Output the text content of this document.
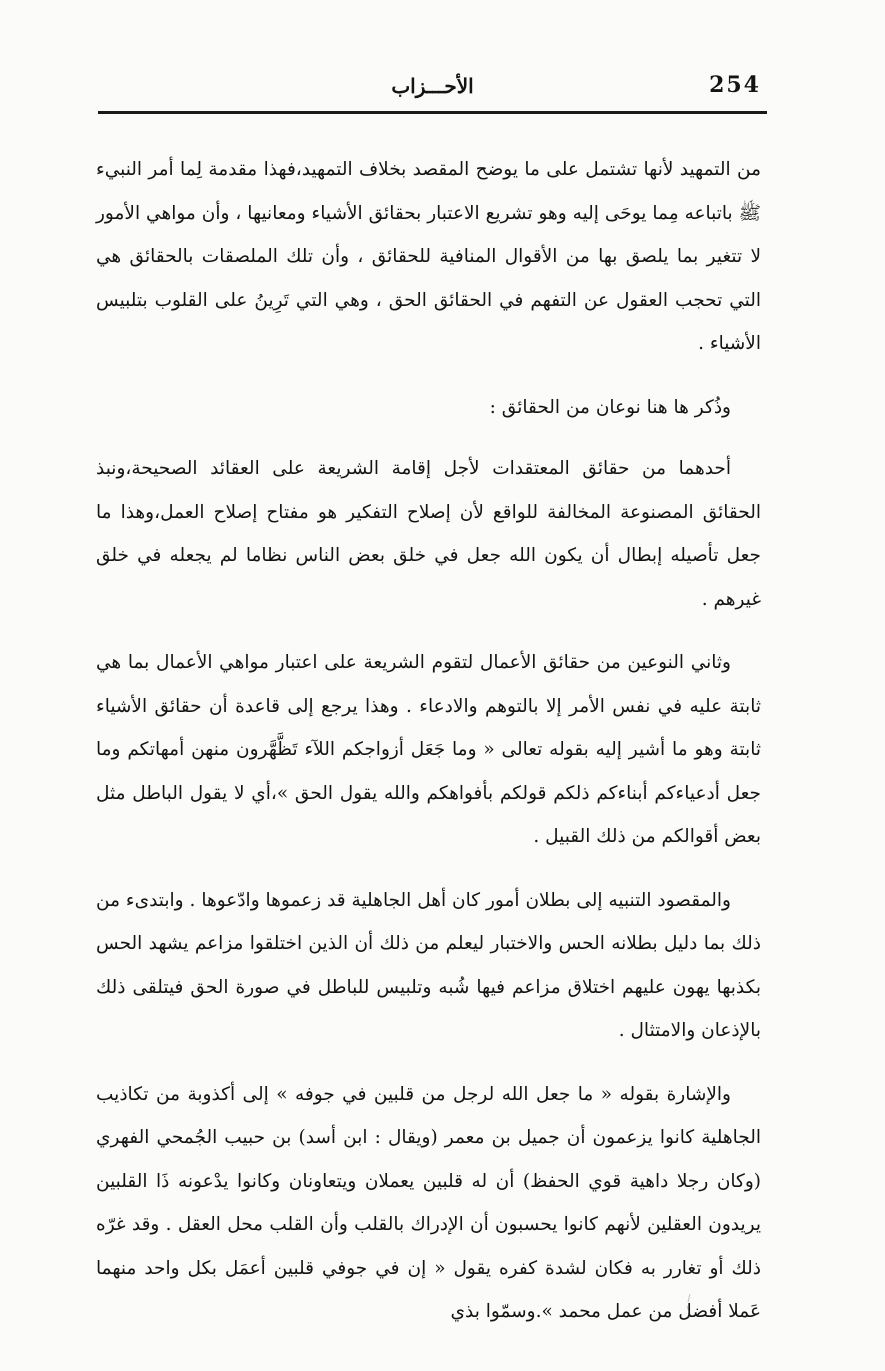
254
الأحـــزاب

من التمهيد لأنها تشتمل على ما يوضح المقصد بخلاف التمهيد،فهذا مقدمة لِما أمر النبيء ﷺ باتباعه مِما يوحَى إليه وهو تشريع الاعتبار بحقائق الأشياء ومعانيها ، وأن مواهي الأمور لا تتغير بما يلصق بها من الأقوال المنافية للحقائق ، وأن تلك الملصقات بالحقائق هي التي تحجب العقول عن التفهم في الحقائق الحق ، وهي التي تَرِينُ على القلوب بتلبيس الأشياء .

وذُكر ها هنا نوعان من الحقائق :

أحدهما من حقائق المعتقدات لأجل إقامة الشريعة على العقائد الصحيحة،ونبذ الحقائق المصنوعة المخالفة للواقع لأن إصلاح التفكير هو مفتاح إصلاح العمل،وهذا ما جعل تأصيله إبطال أن يكون الله جعل في خلق بعض الناس نظاما لم يجعله في خلق غيرهم .

وثاني النوعين من حقائق الأعمال لتقوم الشريعة على اعتبار مواهي الأعمال بما هي ثابتة عليه في نفس الأمر إلا بالتوهم والادعاء . وهذا يرجع إلى قاعدة أن حقائق الأشياء ثابتة وهو ما أشير إليه بقوله تعالى « وما جَعَل أزواجكم اللآء تَظَّهَّرون منهن أمهاتكم وما جعل أدعياءكم أبناءكم ذلكم قولكم بأفواهكم والله يقول الحق »،أي لا يقول الباطل مثل بعض أقوالكم من ذلك القبيل .

والمقصود التنبيه إلى بطلان أمور كان أهل الجاهلية قد زعموها وادّعوها . وابتدىء من ذلك بما دليل بطلانه الحس والاختبار ليعلم من ذلك أن الذين اختلقوا مزاعم يشهد الحس بكذبها يهون عليهم اختلاق مزاعم فيها شُبه وتلبيس للباطل في صورة الحق فيتلقى ذلك بالإذعان والامتثال .

والإشارة بقوله « ما جعل الله لرجل من قلبين في جوفه » إلى أكذوبة من تكاذيب الجاهلية كانوا يزعمون أن جميل بن معمر (ويقال : ابن أسد) بن حبيب الجُمحي الفهري (وكان رجلا داهية قوي الحفظ) أن له قلبين يعملان ويتعاونان وكانوا يدْعونه ذَا القلبين يريدون العقلين لأنهم كانوا يحسبون أن الإدراك بالقلب وأن القلب محل العقل . وقد غرّه ذلك أو تغارر به فكان لشدة كفره يقول « إن في جوفي قلبين أعمَل بكل واحد منهما عَملا أفضل من عمل محمد ».وسمّوا بذي
